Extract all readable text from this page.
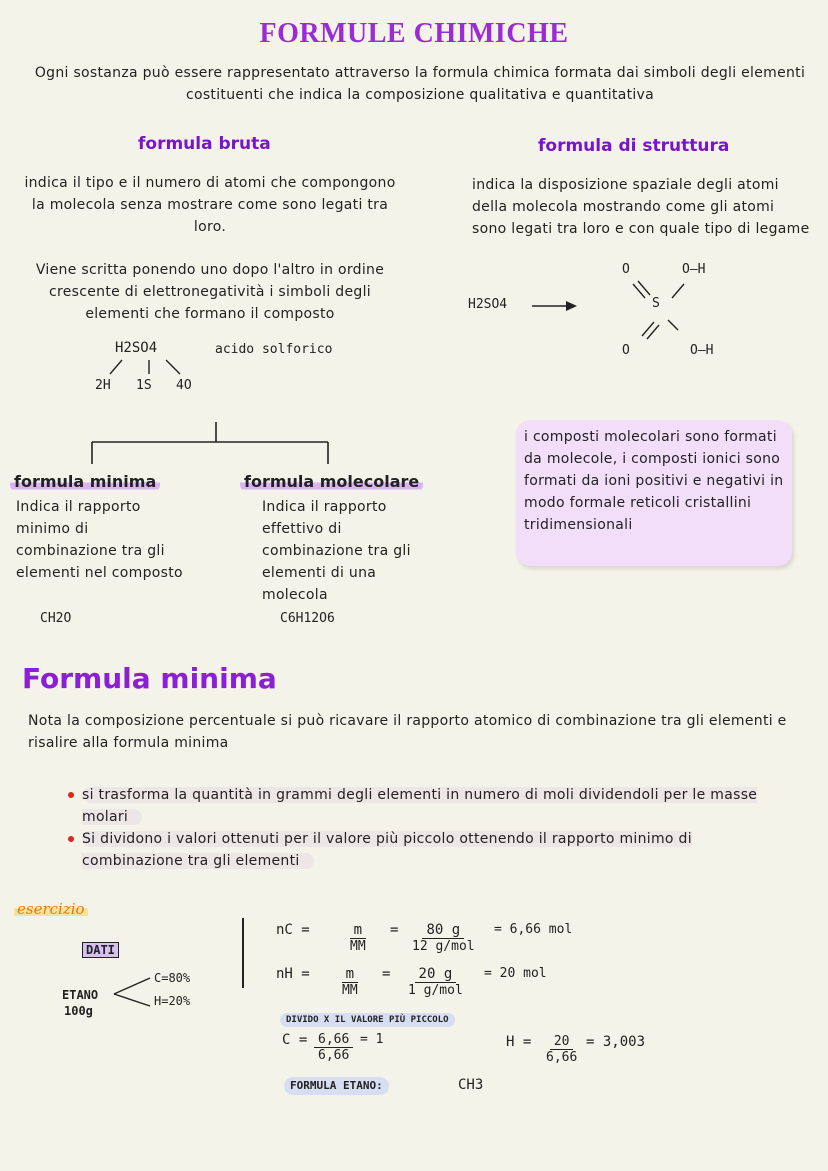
FORMULE CHIMICHE
Ogni sostanza può essere rappresentato attraverso la formula chimica formata dai simboli degli elementi costituenti che indica la composizione qualitativa e quantitativa
formula bruta
indica il tipo e il numero di atomi che compongono la molecola senza mostrare come sono legati tra loro.
Viene scritta ponendo uno dopo l'altro in ordine crescente di elettronegatività i simboli degli elementi che formano il composto
H2SO4	acido solforico
2H 1S 4O
formula minima
Indica il rapporto minimo di combinazione tra gli elementi nel composto
CH2O
formula molecolare
Indica il rapporto effettivo di combinazione tra gli elementi di una molecola
C6H12O6
formula di struttura
indica la disposizione spaziale degli atomi della molecola mostrando come gli atomi sono legati tra loro e con quale tipo di legame
H2SO4
O	O—H
S
O	O—H
i composti molecolari sono formati da molecole, i composti ionici sono formati da ioni positivi e negativi in modo formale reticoli cristallini tridimensionali
Formula minima
Nota la composizione percentuale si può ricavare il rapporto atomico di combinazione tra gli elementi e risalire alla formula minima
si trasforma la quantità in grammi degli elementi in numero di moli dividendoli per le masse molari
Si dividono i valori ottenuti per il valore più piccolo ottenendo il rapporto minimo di combinazione tra gli elementi
esercizio
DATI
ETANO
100g
C=80%
H=20%
nC =	$\frac{m}{MM} = \frac{80 g}{\text{12 g/mol}} = 6,66$ mol
nH = $\frac{m}{MM} = \frac{20 g}{\text{1 g/mol}} = 20$ mol
DIVIDO X IL VALORE PIÙ PICCOLO
$C = \frac{6,66}{6,66} = 1$	$H = \frac{20}{6,66} = 3,003$
FORMULA ETANO:	CH3
